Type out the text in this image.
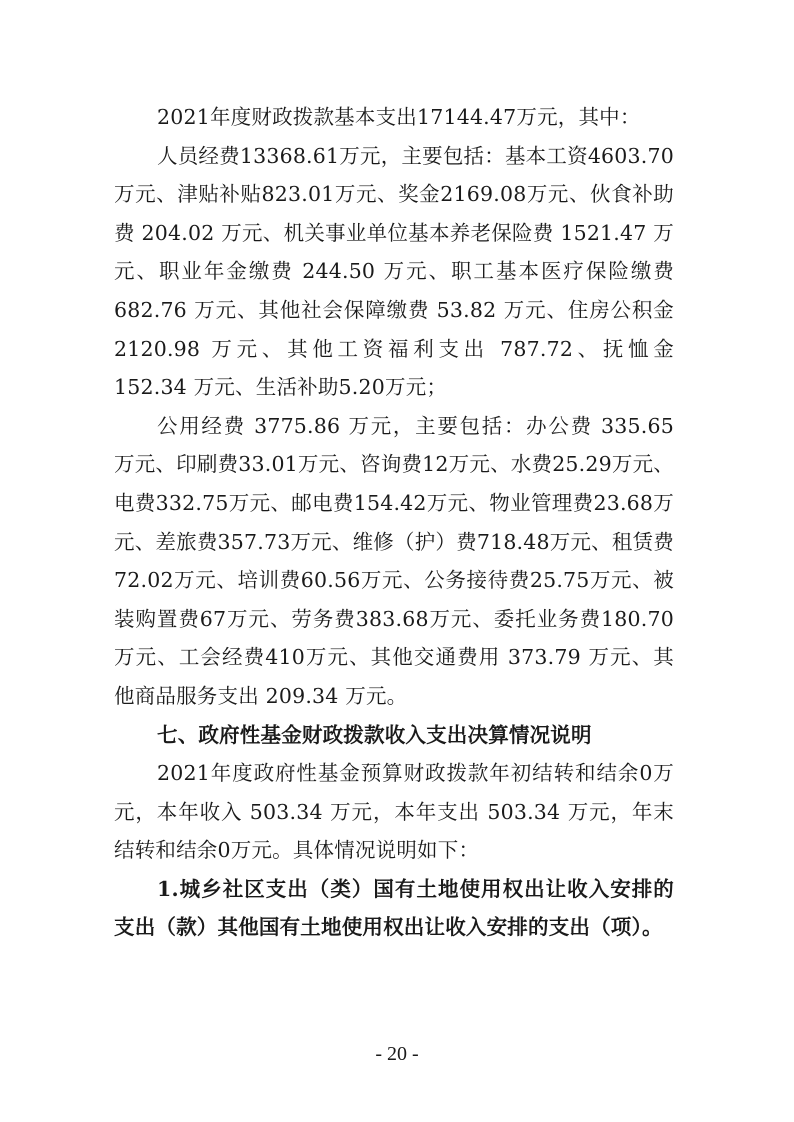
2021年度财政拨款基本支出17144.47万元，其中：

人员经费13368.61万元，主要包括：基本工资4603.70万元、津贴补贴823.01万元、奖金2169.08万元、伙食补助费 204.02 万元、机关事业单位基本养老保险费 1521.47 万元、职业年金缴费 244.50 万元、职工基本医疗保险缴费 682.76 万元、其他社会保障缴费 53.82 万元、住房公积金 2120.98 万元、其他工资福利支出 787.72、抚恤金 152.34 万元、生活补助5.20万元；

公用经费 3775.86 万元，主要包括：办公费 335.65 万元、印刷费33.01万元、咨询费12万元、水费25.29万元、电费332.75万元、邮电费154.42万元、物业管理费23.68万元、差旅费357.73万元、维修（护）费718.48万元、租赁费72.02万元、培训费60.56万元、公务接待费25.75万元、被装购置费67万元、劳务费383.68万元、委托业务费180.70万元、工会经费410万元、其他交通费用 373.79 万元、其他商品服务支出 209.34 万元。

七、政府性基金财政拨款收入支出决算情况说明

2021年度政府性基金预算财政拨款年初结转和结余0万元，本年收入 503.34 万元，本年支出 503.34 万元，年末结转和结余0万元。具体情况说明如下：

1.城乡社区支出（类）国有土地使用权出让收入安排的支出（款）其他国有土地使用权出让收入安排的支出（项）。

- 20 -
